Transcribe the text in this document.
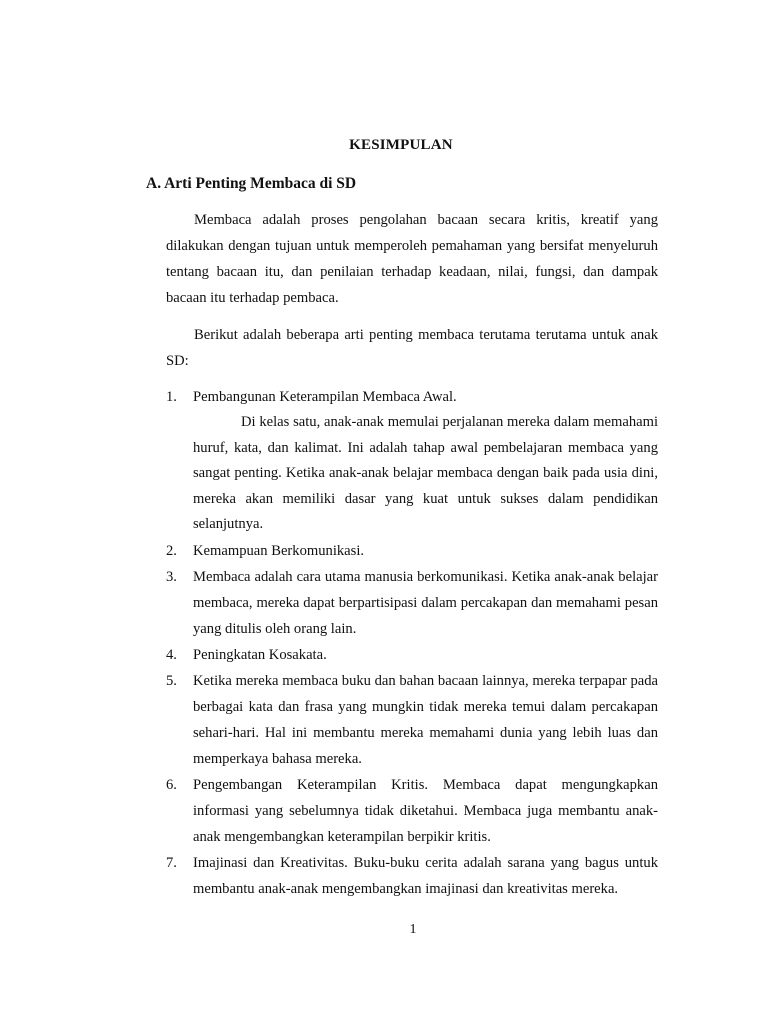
KESIMPULAN
A. Arti Penting Membaca di SD

Membaca adalah proses pengolahan bacaan secara kritis, kreatif yang dilakukan dengan tujuan untuk memperoleh pemahaman yang bersifat menyeluruh tentang bacaan itu, dan penilaian terhadap keadaan, nilai, fungsi, dan dampak bacaan itu terhadap pembaca.

Berikut adalah beberapa arti penting membaca terutama terutama untuk anak SD:

1. Pembangunan Keterampilan Membaca Awal.
Di kelas satu, anak-anak memulai perjalanan mereka dalam memahami huruf, kata, dan kalimat. Ini adalah tahap awal pembelajaran membaca yang sangat penting. Ketika anak-anak belajar membaca dengan baik pada usia dini, mereka akan memiliki dasar yang kuat untuk sukses dalam pendidikan selanjutnya.
2. Kemampuan Berkomunikasi.
3. Membaca adalah cara utama manusia berkomunikasi. Ketika anak-anak belajar membaca, mereka dapat berpartisipasi dalam percakapan dan memahami pesan yang ditulis oleh orang lain.
4. Peningkatan Kosakata.
5. Ketika mereka membaca buku dan bahan bacaan lainnya, mereka terpapar pada berbagai kata dan frasa yang mungkin tidak mereka temui dalam percakapan sehari-hari. Hal ini membantu mereka memahami dunia yang lebih luas dan memperkaya bahasa mereka.
6. Pengembangan Keterampilan Kritis. Membaca dapat mengungkapkan informasi yang sebelumnya tidak diketahui. Membaca juga membantu anak-anak mengembangkan keterampilan berpikir kritis.
7. Imajinasi dan Kreativitas. Buku-buku cerita adalah sarana yang bagus untuk membantu anak-anak mengembangkan imajinasi dan kreativitas mereka.
1
